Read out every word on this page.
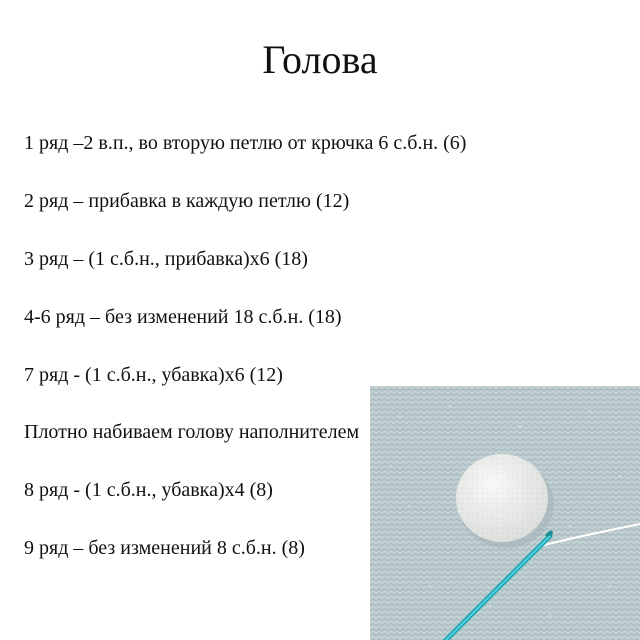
Голова
1 ряд –2 в.п., во вторую петлю от крючка 6 с.б.н. (6)
2 ряд – прибавка в каждую петлю (12)
3 ряд – (1 с.б.н., прибавка)х6 (18)
4-6 ряд – без изменений 18 с.б.н. (18)
7 ряд - (1 с.б.н., убавка)х6 (12)
Плотно набиваем голову наполнителем
8 ряд - (1 с.б.н., убавка)х4 (8)
9 ряд – без изменений 8 с.б.н. (8)
